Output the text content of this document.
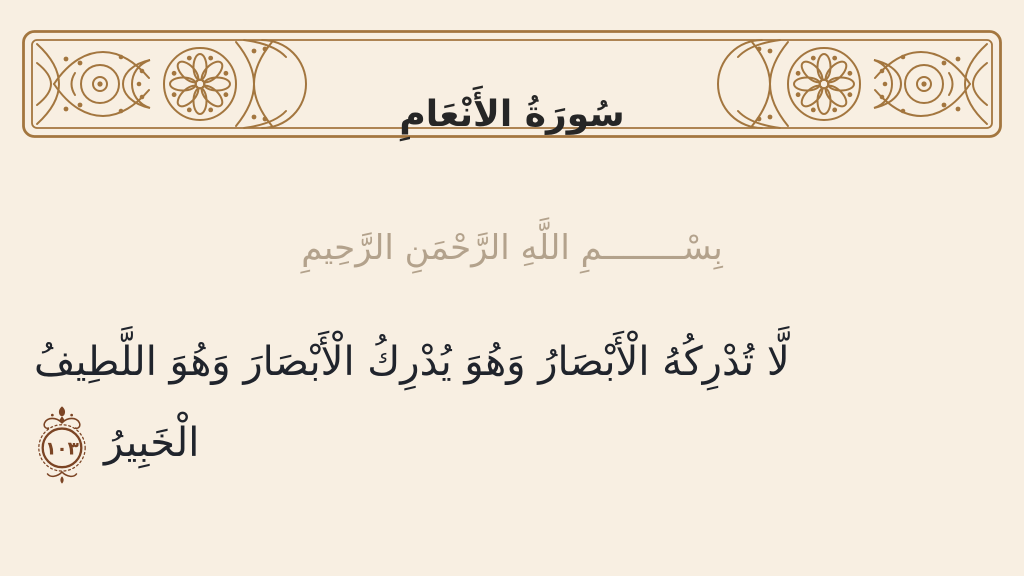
سُورَةُ الأَنْعَامِ
بِسْــــــــمِ اللَّهِ الرَّحْمَنِ الرَّحِيمِ
لَّا تُدْرِكُهُ الْأَبْصَارُ وَهُوَ يُدْرِكُ الْأَبْصَارَ وَهُوَ اللَّطِيفُ
الْخَبِيرُ
١٠٣
